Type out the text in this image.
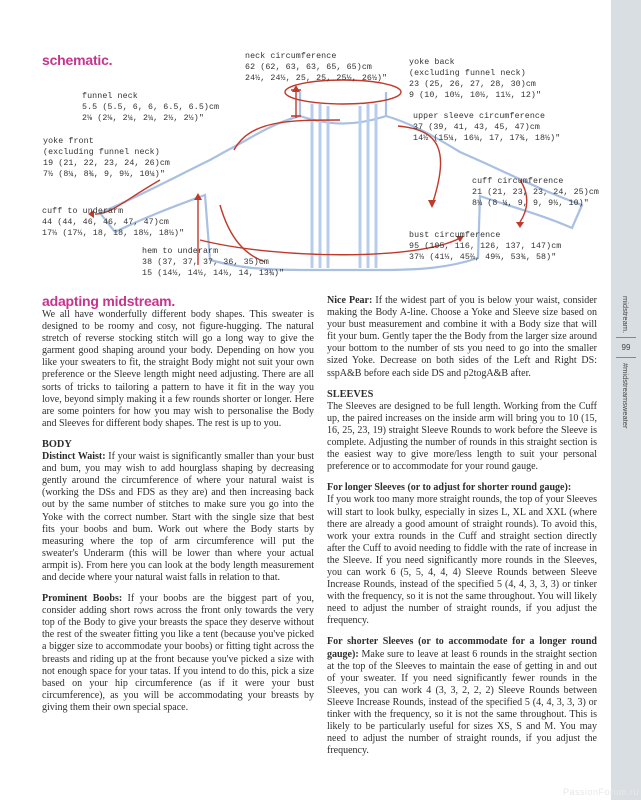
schematic.	neck circumference
62 (62, 63, 63, 65, 65)cm
24½, 24½, 25, 25, 25½, 26½)"
yoke back
(excluding funnel neck)
23 (25, 26, 27, 28, 30)cm
9 (10, 10½, 10½, 11½, 12)"
funnel neck
5.5 (5.5, 6, 6, 6.5, 6.5)cm
2⅛ (2⅛, 2¼, 2¼, 2½, 2½)"	upper sleeve circumference
37 (39, 41, 43, 45, 47)cm
14½ (15¼, 16¼, 17, 17¾, 18½)"
yoke front
(excluding funnel neck)
19 (21, 22, 23, 24, 26)cm
7½ (8¼, 8¾, 9, 9½, 10¼)"
cuff circumference
21 (21, 23, 23, 24, 25)cm
8¼ (8 ¼, 9, 9, 9½, 10)"
cuff to underarm
44 (44, 46, 46, 47, 47)cm
17⅓ (17⅓, 18, 18, 18½, 18½)"	bust circumference
95 (105, 116, 126, 137, 147)cm
37⅓ (41⅓, 45⅔, 49⅔, 53¾, 58)"
hem to underarm
38 (37, 37, 37, 36, 35)cm
15 (14½, 14½, 14½, 14, 13¾)"
adapting midstream.

We all have wonderfully different body shapes. This sweater is designed to be roomy and cosy, not figure-hugging. The natural stretch of reverse stocking stitch will go a long way to give the garment good shaping around your body. Depending on how you like your sweaters to fit, the straight Body might not suit your own preference or the Sleeve length might need adjusting. There are all sorts of tricks to tailoring a pattern to have it fit in the way you love, beyond simply making it a few rounds shorter or longer. Here are some pointers for how you may wish to personalise the Body and Sleeves for different body shapes. The rest is up to you.

BODY

Distinct Waist: If your waist is significantly smaller than your bust and bum, you may wish to add hourglass shaping by decreasing gently around the circumference of where your natural waist is (working the DSs and FDS as they are) and then increasing back out by the same number of stitches to make sure you go into the Yoke with the correct number. Start with the single size that best fits your boobs and bum. Work out where the Body starts by measuring where the top of arm circumference will put the sweater's Underarm (this will be lower than where your actual armpit is). From here you can look at the body length measurement and decide where your natural waist falls in relation to that.

Prominent Boobs: If your boobs are the biggest part of you, consider adding short rows across the front only towards the very top of the Body to give your breasts the space they deserve without the rest of the sweater fitting you like a tent (because you've picked a bigger size to accommodate your boobs) or fitting tight across the breasts and riding up at the front because you've picked a size with not enough space for your tatas. If you intend to do this, pick a size based on your hip circumference (as if it were your bust circumference), as you will be accommodating your breasts by giving them their own special space.

Nice Pear: If the widest part of you is below your waist, consider making the Body A-line. Choose a Yoke and Sleeve size based on your bust measurement and combine it with a Body size that will fit your bum. Gently taper the the Body from the larger size around your bottom to the number of sts you need to go into the smaller sized Yoke. Decrease on both sides of the Left and Right DS: sspA&B before each side DS and p2togA&B after.

SLEEVES

The Sleeves are designed to be full length. Working from the Cuff up, the paired increases on the inside arm will bring you to 10 (15, 16, 25, 23, 19) straight Sleeve Rounds to work before the Sleeve is complete. Adjusting the number of rounds in this straight section is the easiest way to give more/less length to suit your personal preference or to accommodate for your round gauge.

For longer Sleeves (or to adjust for shorter round gauge):
If you work too many more straight rounds, the top of your Sleeves will start to look bulky, especially in sizes L, XL and XXL (where there are already a good amount of straight rounds). To avoid this, work your extra rounds in the Cuff and straight section directly after the Cuff to avoid needing to fiddle with the rate of increase in the Sleeve. If you need significantly more rounds in the Sleeves, you can work 6 (5, 5, 4, 4, 4) Sleeve Rounds between Sleeve Increase Rounds, instead of the specified 5 (4, 4, 3, 3, 3) or tinker with the frequency, so it is not the same throughout. You will likely need to adjust the number of straight rounds, if you adjust the frequency.

For shorter Sleeves (or to accommodate for a longer round gauge): Make sure to leave at least 6 rounds in the straight section at the top of the Sleeves to maintain the ease of getting in and out of your sweater. If you need significantly fewer rounds in the Sleeves, you can work 4 (3, 3, 2, 2, 2) Sleeve Rounds between Sleeve Increase Rounds, instead of the specified 5 (4, 4, 3, 3, 3) or tinker with the frequency, so it is not the same throughout. This is likely to be particularly useful for sizes XS, S and M. You may need to adjust the number of straight rounds, if you adjust the frequency.

midstream.
99
#midstreamsweater
PassionForum.ru
